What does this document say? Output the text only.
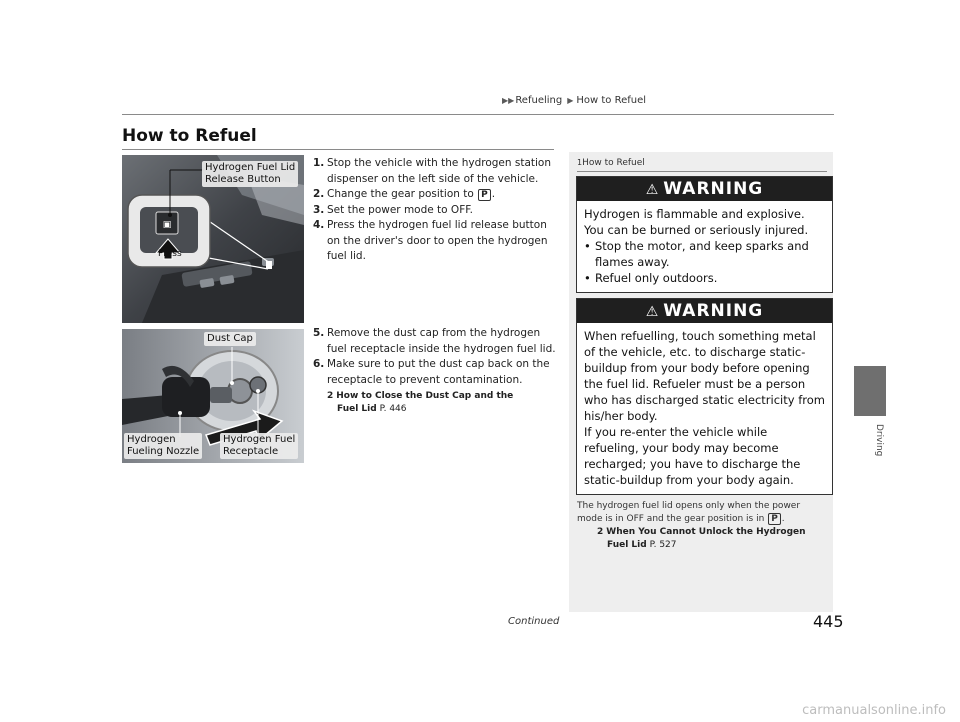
▶▶Refueling ▶ How to Refuel
How to Refuel
Driving
▣
Hydrogen Fuel Lid
Release Button
Press
Dust Cap
Hydrogen
Fueling Nozzle
Hydrogen Fuel
Receptacle

1. Stop the vehicle with the hydrogen station dispenser on the left side of the vehicle.

2. Change the gear position to P .

3. Set the power mode to OFF.

4. Press the hydrogen fuel lid release button on the driver's door to open the hydrogen fuel lid.

5. Remove the dust cap from the hydrogen fuel receptacle inside the hydrogen fuel lid.

6. Make sure to put the dust cap back on the receptacle to prevent contamination.

2 How to Close the Dust Cap and the
Fuel Lid P. 446
1How to Refuel
⚠ WARNING
Hydrogen is flammable and explosive.
You can be burned or seriously injured.
• Stop the motor, and keep sparks and flames away.
• Refuel only outdoors.
⚠ WARNING
When refuelling, touch something metal of the vehicle, etc. to discharge static-buildup from your body before opening the fuel lid. Refueler must be a person who has discharged static electricity from his/her body.
If you re-enter the vehicle while refueling, your body may become recharged; you have to discharge the static-buildup from your body again.
The hydrogen fuel lid opens only when the power mode is in OFF and the gear position is in P .
2 When You Cannot Unlock the Hydrogen
Fuel Lid P. 527
Continued	445
carmanualsonline.info
